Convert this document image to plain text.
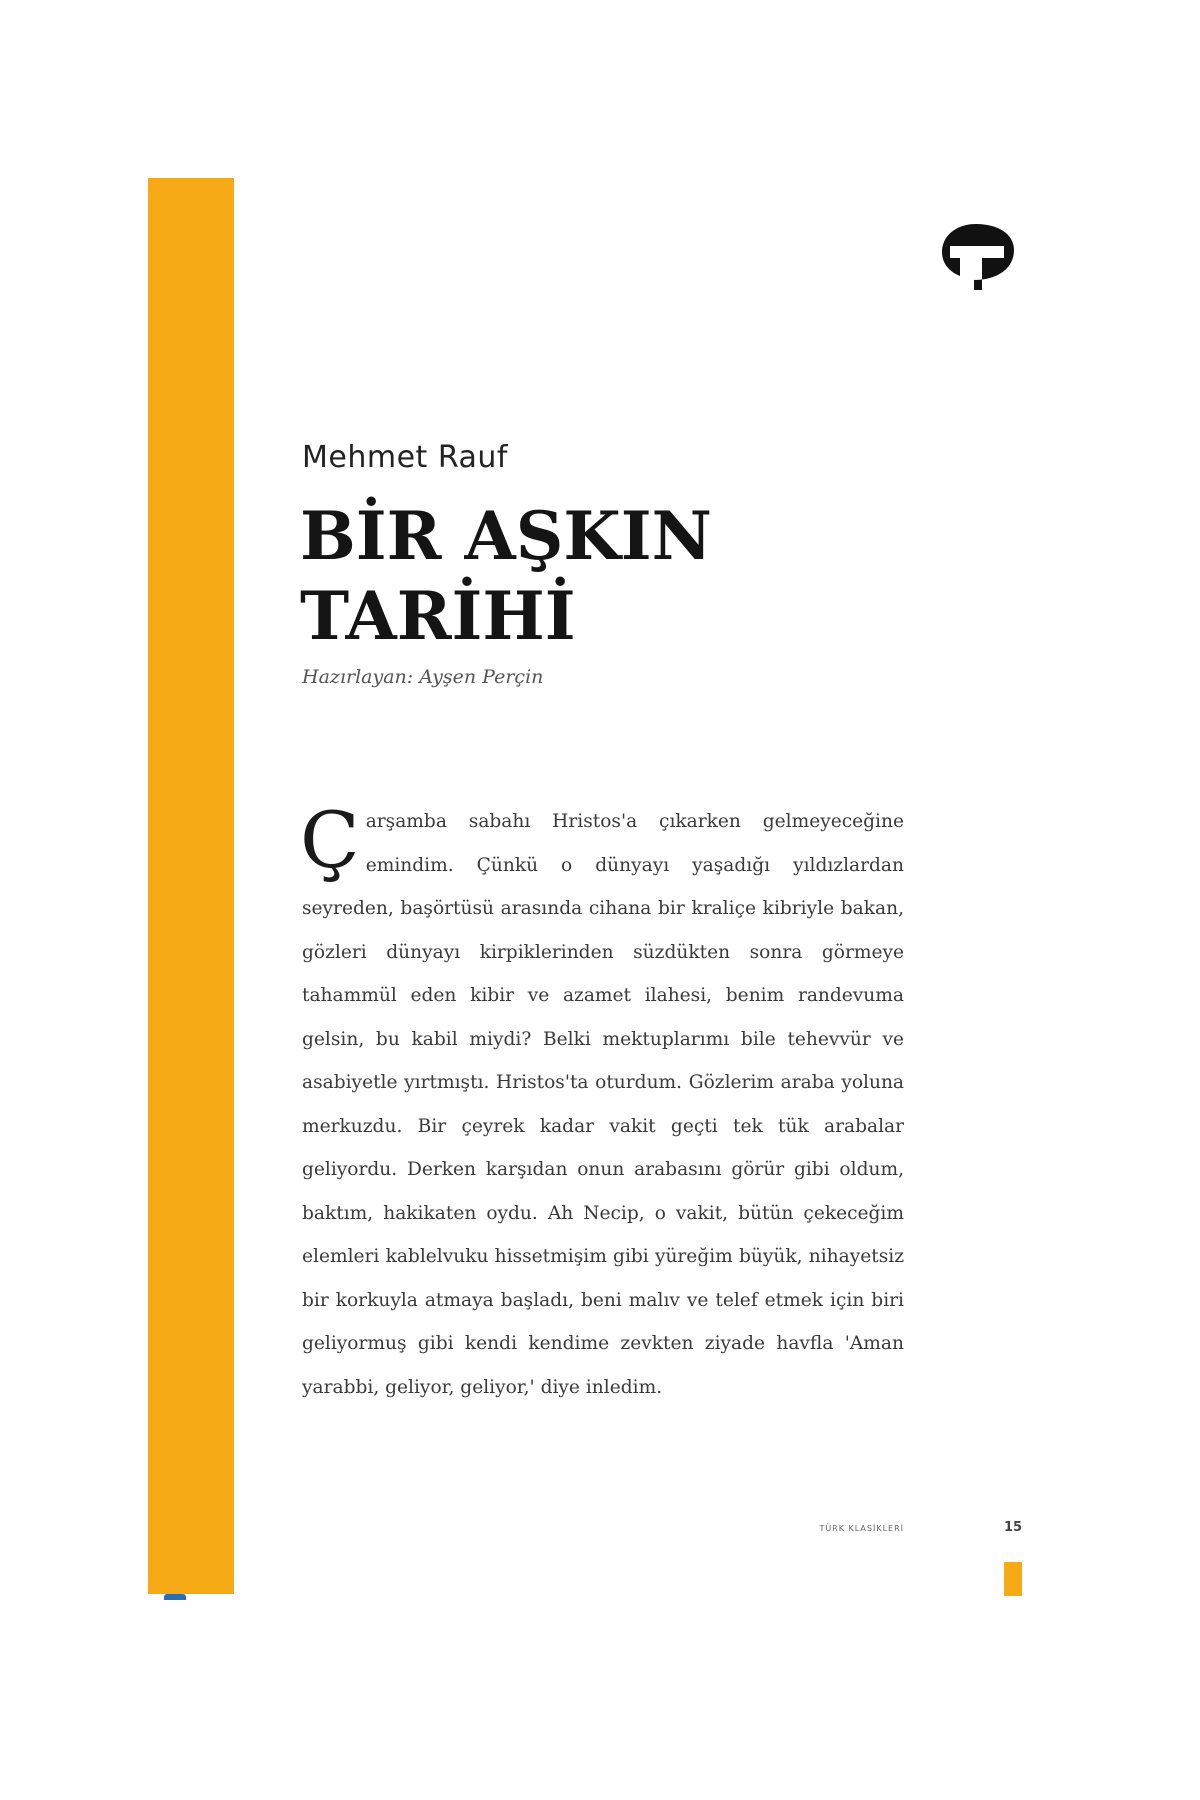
Mehmet Rauf
BİR AŞKIN
TARİHİ
Hazırlayan: Ayşen Perçin

Çarşamba sabahı Hristos'a çıkarken gelmeyeceğine emindim. Çünkü o dünyayı yaşadığı yıldızlardan seyreden, başörtüsü arasında cihana bir kraliçe kibriyle bakan, gözleri dünyayı kirpiklerinden süzdükten sonra görmeye tahammül eden kibir ve azamet ilahesi, benim randevuma gelsin, bu kabil miydi? Belki mektuplarımı bile tehevvür ve asabiyetle yırtmıştı. Hristos'ta oturdum. Gözlerim araba yoluna merkuzdu. Bir çeyrek kadar vakit geçti tek tük arabalar geliyordu. Derken karşıdan onun arabasını görür gibi oldum, baktım, hakikaten oydu. Ah Necip, o vakit, bütün çekeceğim elemleri kablelvuku hissetmişim gibi yüreğim büyük, nihayetsiz bir korkuyla atmaya başladı, beni malıv ve telef etmek için biri geliyormuş gibi kendi kendime zevkten ziyade havfla 'Aman yarabbi, geliyor, geliyor,' diye inledim.

TÜRK KLASİKLERİ	15
